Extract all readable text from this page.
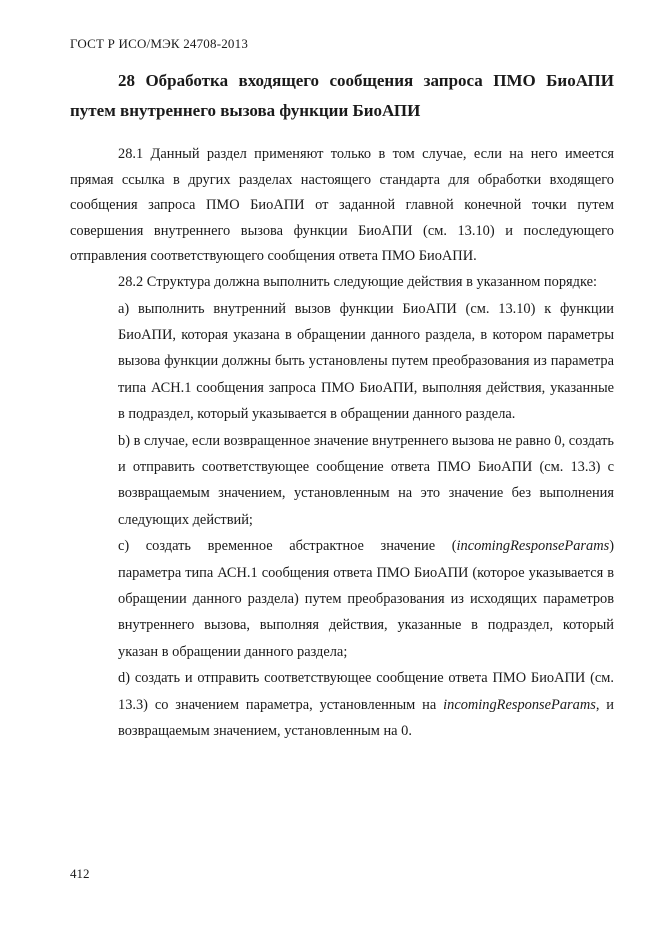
ГОСТ Р ИСО/МЭК 24708-2013
28 Обработка входящего сообщения запроса ПМО БиоАПИ
путем внутреннего вызова функции БиоАПИ

28.1 Данный раздел применяют только в том случае, если на него имеется прямая ссылка в других разделах настоящего стандарта для обработки входящего сообщения запроса ПМО БиоАПИ от заданной главной конечной точки путем совершения внутреннего вызова функции БиоАПИ (см. 13.10) и последующего отправления соответствующего сообщения ответа ПМО БиоАПИ.

28.2 Структура должна выполнить следующие действия в указанном порядке:

a) выполнить внутренний вызов функции БиоАПИ (см. 13.10) к функции БиоАПИ, которая указана в обращении данного раздела, в котором параметры вызова функции должны быть установлены путем преобразования из параметра типа АСН.1 сообщения запроса ПМО БиоАПИ, выполняя действия, указанные в подраздел, который указывается в обращении данного раздела.

b) в случае, если возвращенное значение внутреннего вызова не равно 0, создать и отправить соответствующее сообщение ответа ПМО БиоАПИ (см. 13.3) с возвращаемым значением, установленным на это значение без выполнения следующих действий;

c) создать временное абстрактное значение (incomingResponseParams) параметра типа АСН.1 сообщения ответа ПМО БиоАПИ (которое указывается в обращении данного раздела) путем преобразования из исходящих параметров внутреннего вызова, выполняя действия, указанные в подраздел, который указан в обращении данного раздела;

d) создать и отправить соответствующее сообщение ответа ПМО БиоАПИ (см. 13.3) со значением параметра, установленным на incomingResponseParams, и возвращаемым значением, установленным на 0.

412
